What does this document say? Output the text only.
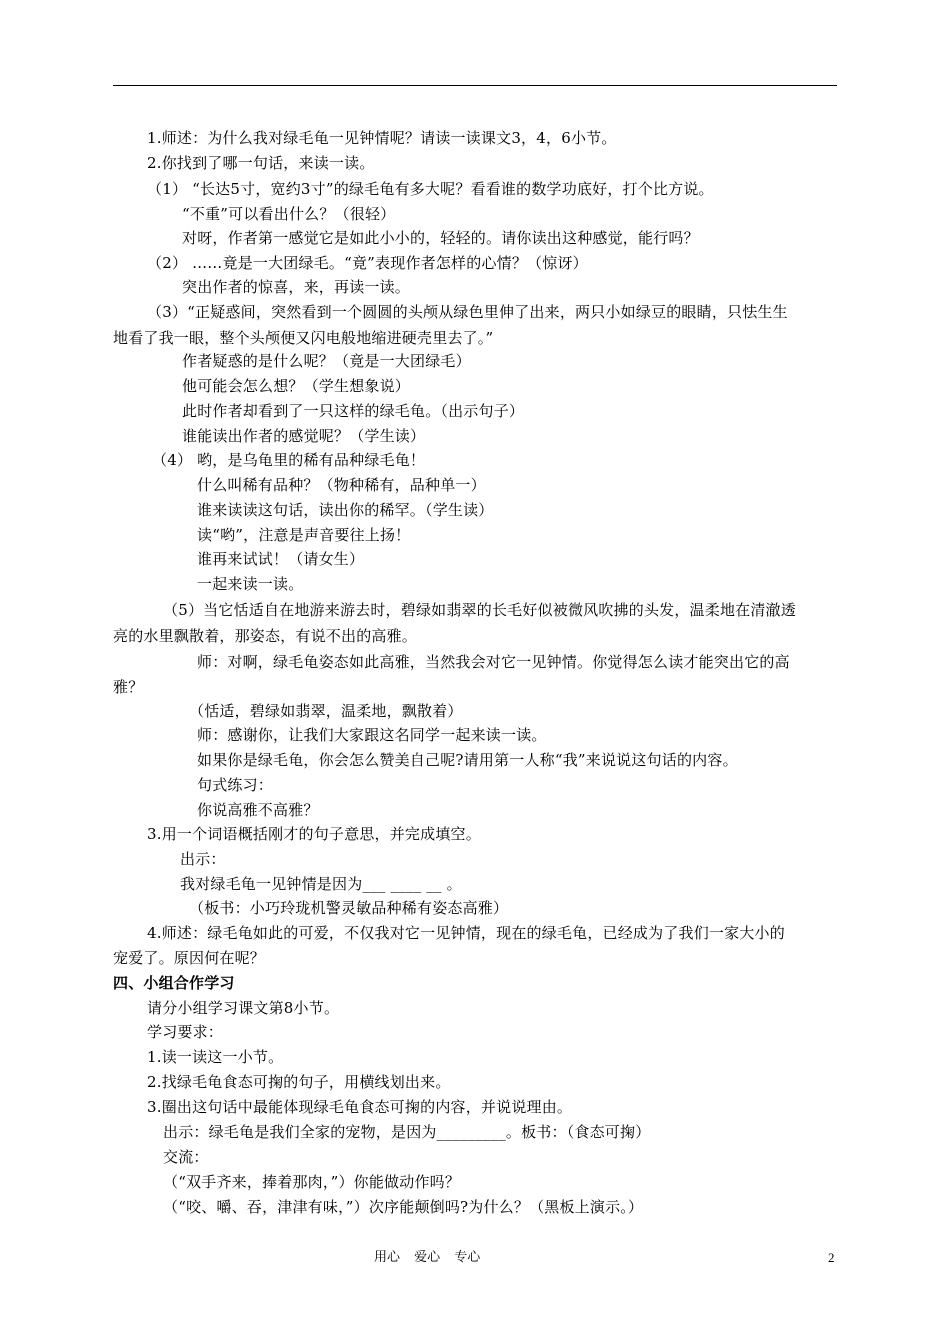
1.师述：为什么我对绿毛龟一见钟情呢？请读一读课文3，4，6小节。
2.你找到了哪一句话，来读一读。
（1） “长达5寸，宽约3寸”的绿毛龟有多大呢？看看谁的数学功底好，打个比方说。
“不重”可以看出什么？（很轻）
对呀，作者第一感觉它是如此小小的，轻轻的。请你读出这种感觉，能行吗？
（2） ……竟是一大团绿毛。“竟”表现作者怎样的心情？（惊讶）
突出作者的惊喜，来，再读一读。
（3）“正疑惑间，突然看到一个圆圆的头颅从绿色里伸了出来，两只小如绿豆的眼睛，只怯生生
地看了我一眼，整个头颅便又闪电般地缩进硬壳里去了。”
作者疑惑的是什么呢？（竟是一大团绿毛）
他可能会怎么想？（学生想象说）
此时作者却看到了一只这样的绿毛龟。（出示句子）
谁能读出作者的感觉呢？（学生读）
（4） 哟，是乌龟里的稀有品种绿毛龟！
什么叫稀有品种？（物种稀有，品种单一）
谁来读读这句话，读出你的稀罕。（学生读）
读“哟”，注意是声音要往上扬！
谁再来试试！（请女生）
一起来读一读。
（5）当它恬适自在地游来游去时，碧绿如翡翠的长毛好似被微风吹拂的头发，温柔地在清澈透
亮的水里飘散着，那姿态，有说不出的高雅。
师：对啊，绿毛龟姿态如此高雅，当然我会对它一见钟情。你觉得怎么读才能突出它的高
雅？
（恬适，碧绿如翡翠，温柔地，飘散着）
师：感谢你，让我们大家跟这名同学一起来读一读。
如果你是绿毛龟，你会怎么赞美自己呢?请用第一人称“我”来说说这句话的内容。
句式练习：
你说高雅不高雅？
3.用一个词语概括刚才的句子意思，并完成填空。
出示：
我对绿毛龟一见钟情是因为___ ____ __ 。
（板书：小巧玲珑机警灵敏品种稀有姿态高雅）
4.师述：绿毛龟如此的可爱，不仅我对它一见钟情，现在的绿毛龟，已经成为了我们一家大小的
宠爱了。原因何在呢？
四、小组合作学习
请分小组学习课文第8小节。
学习要求：
1.读一读这一小节。
2.找绿毛龟食态可掬的句子，用横线划出来。
3.圈出这句话中最能体现绿毛龟食态可掬的内容，并说说理由。
出示：绿毛龟是我们全家的宠物，是因为_________。板书：（食态可掬）
交流：
（“双手齐来，捧着那肉，”）你能做动作吗？
（“咬、嚼、吞，津津有味，”）次序能颠倒吗?为什么？（黑板上演示。）
用心 爱心 专心	2
